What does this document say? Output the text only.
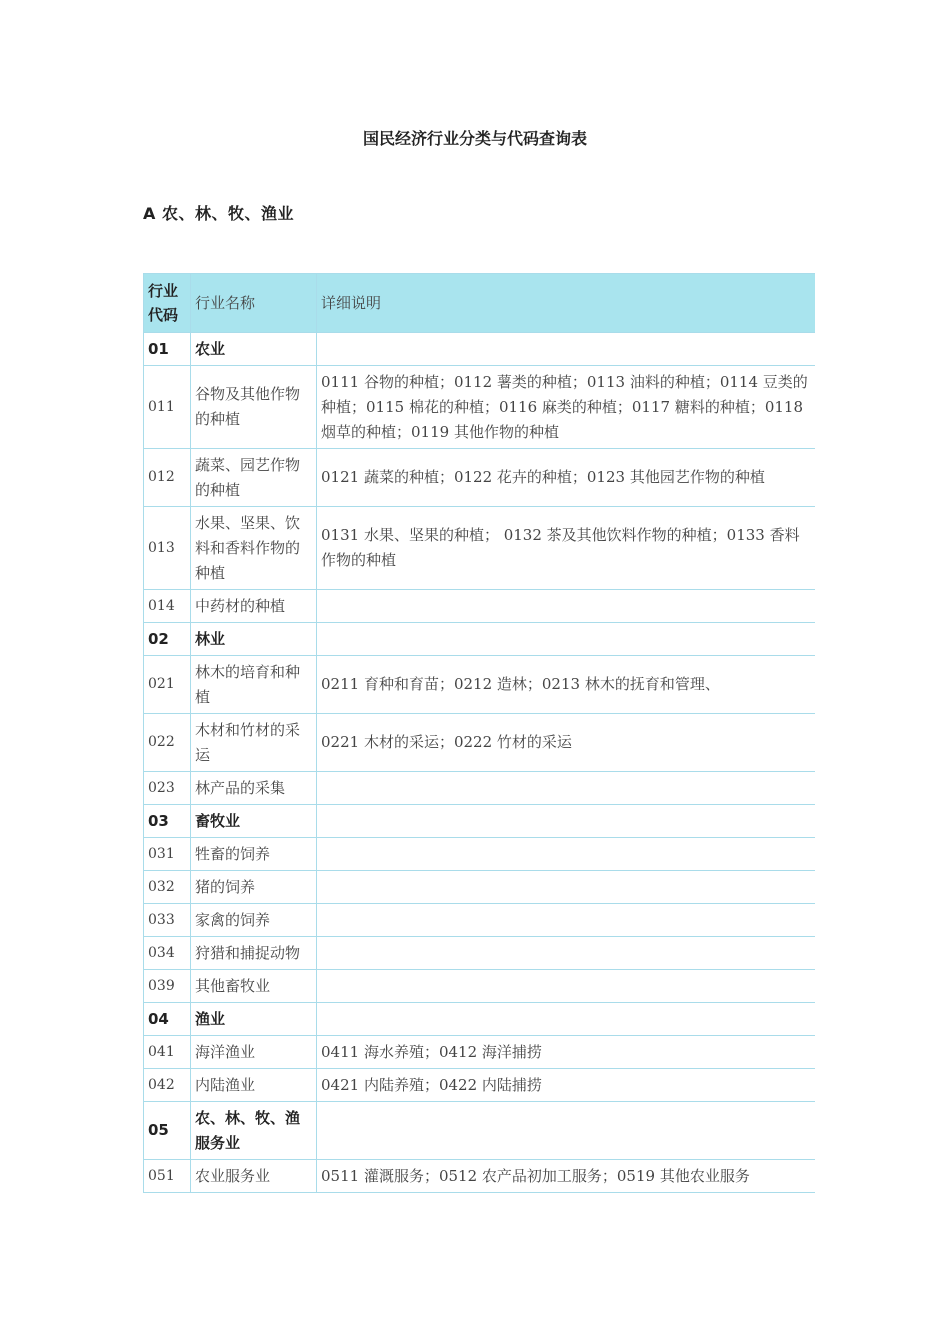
国民经济行业分类与代码查询表
A 农、林、牧、渔业
行业代码	行业名称	详细说明
01	农业	
011	谷物及其他作物的种植	0111 谷物的种植；0112 薯类的种植；0113 油料的种植；0114 豆类的种植；0115 棉花的种植；0116 麻类的种植；0117 糖料的种植；0118 烟草的种植；0119 其他作物的种植
012	蔬菜、园艺作物的种植	0121 蔬菜的种植；0122 花卉的种植；0123 其他园艺作物的种植
013	水果、坚果、饮料和香料作物的种植	0131 水果、坚果的种植； 0132 茶及其他饮料作物的种植；0133 香料作物的种植
014	中药材的种植	
02	林业	
021	林木的培育和种植	0211 育种和育苗；0212 造林；0213 林木的抚育和管理、
022	木材和竹材的采运	0221 木材的采运；0222 竹材的采运
023	林产品的采集	
03	畜牧业	
031	牲畜的饲养	
032	猪的饲养	
033	家禽的饲养	
034	狩猎和捕捉动物	
039	其他畜牧业	
04	渔业	
041	海洋渔业	0411 海水养殖；0412 海洋捕捞
042	内陆渔业	0421 内陆养殖；0422 内陆捕捞
05	农、林、牧、渔服务业	
051	农业服务业	0511 灌溉服务；0512 农产品初加工服务；0519 其他农业服务
